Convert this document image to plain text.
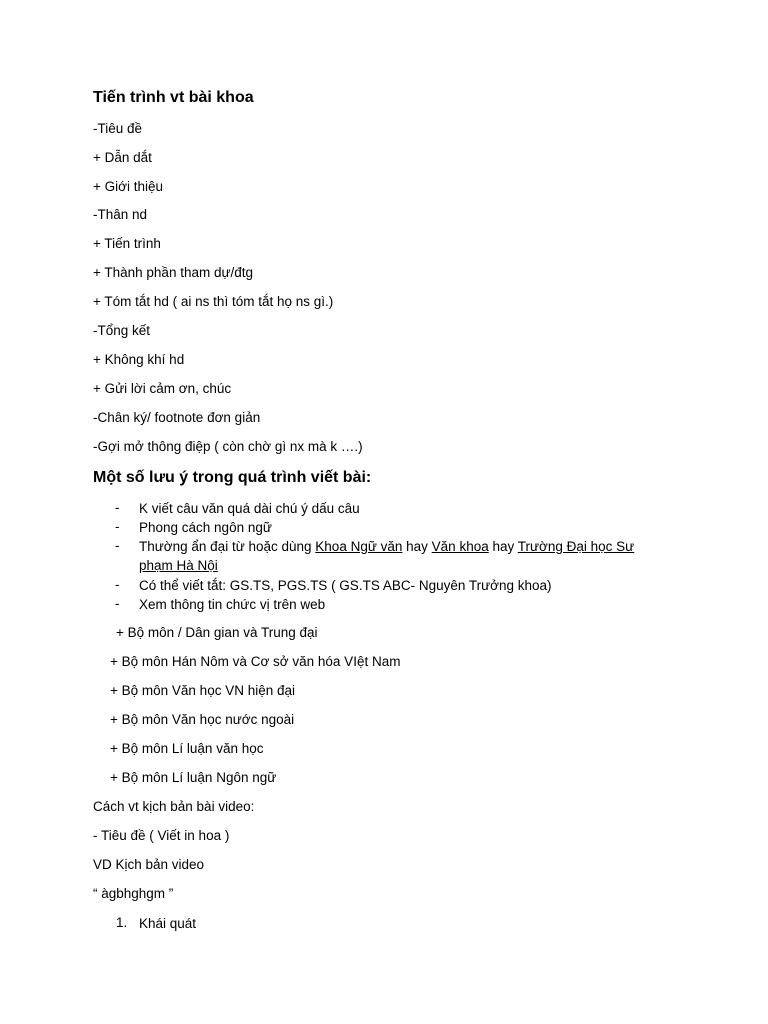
Tiến trình vt bài khoa
-Tiêu đề
+ Dẫn dắt
+ Giới thiệu
-Thân nd
+ Tiến trình
+ Thành phần tham dự/đtg
+ Tóm tắt hd ( ai ns thì tóm tắt họ ns gì.)
-Tổng kết
+ Không khí hd
+ Gửi lời cảm ơn, chúc
-Chân ký/ footnote đơn giản
-Gợi mở thông điệp ( còn chờ gì nx mà k ….)
Một số lưu ý trong quá trình viết bài:
- K viết câu văn quá dài chú ý dấu câu
- Phong cách ngôn ngữ
- Thường ẩn đại từ hoặc dùng Khoa Ngữ văn hay Văn khoa hay Trường Đại học Sư phạm Hà Nội
- Có thể viết tắt: GS.TS, PGS.TS ( GS.TS ABC- Nguyên Trưởng khoa)
- Xem thông tin chức vị trên web
+ Bộ môn / Dân gian và Trung đại
+ Bộ môn Hán Nôm và Cơ sở văn hóa VIệt Nam
+ Bộ môn Văn học VN hiện đại
+ Bộ môn Văn học nước ngoài
+ Bộ môn Lí luận văn học
+ Bộ môn Lí luận Ngôn ngữ
Cách vt kịch bản bài video:
- Tiêu đề ( Viết in hoa )
VD Kịch bản video
“ àgbhghgm ”
1. Khái quát
